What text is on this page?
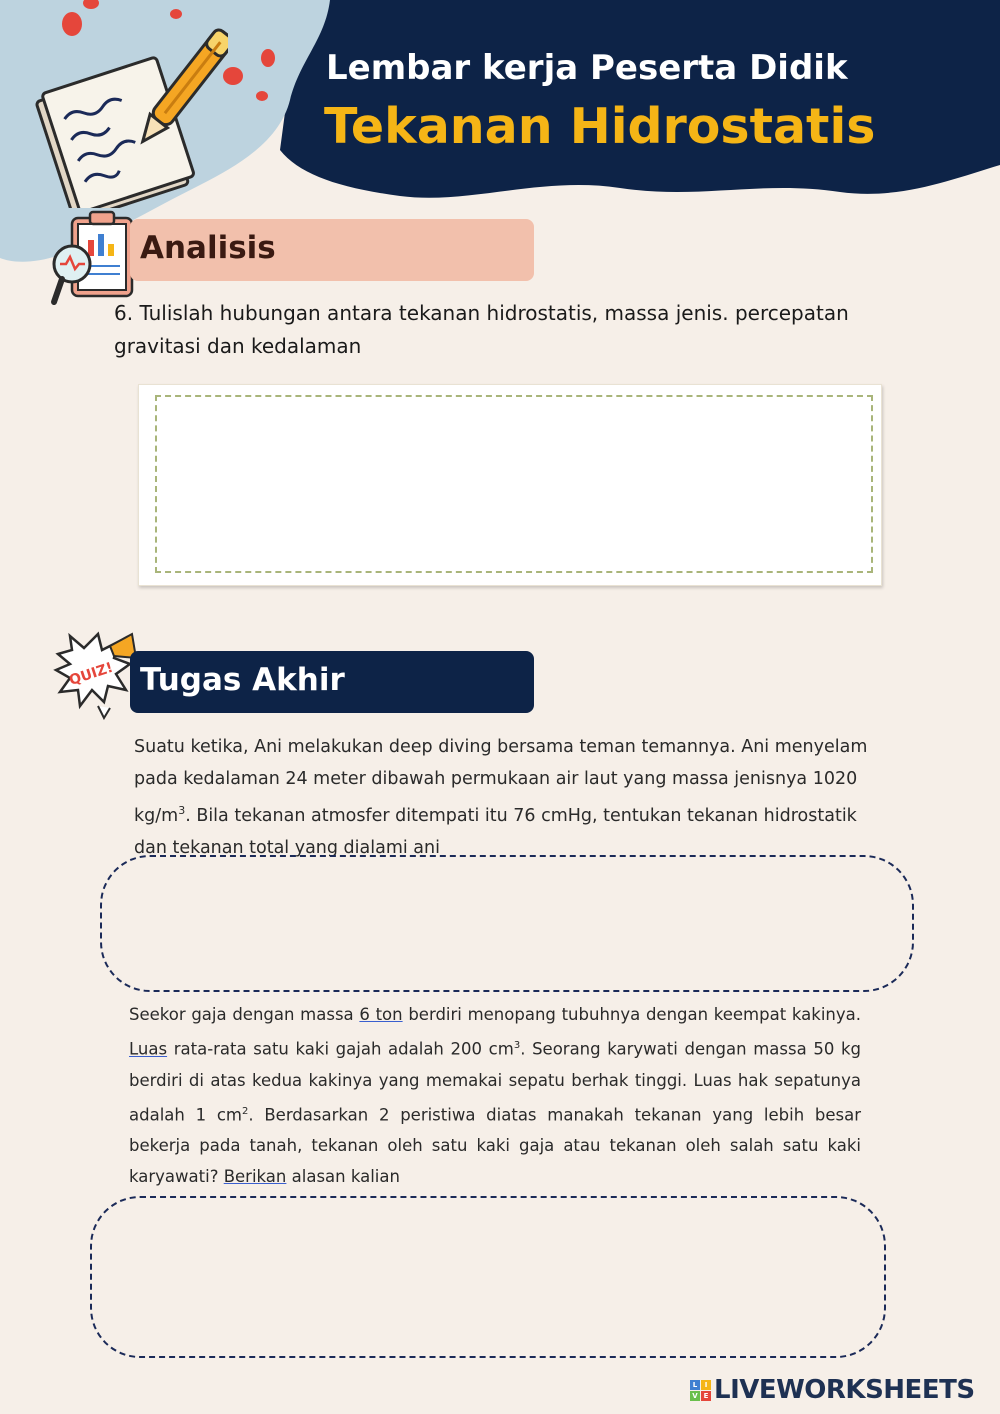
Analisis
Lembar kerja Peserta Didik
Tekanan Hidrostatis
6. Tulislah hubungan antara tekanan hidrostatis, massa jenis. percepatan gravitasi dan kedalaman
QUIZ! Tugas Akhir
Suatu ketika, Ani melakukan deep diving bersama teman temannya. Ani menyelam pada kedalaman 24 meter dibawah permukaan air laut yang massa jenisnya 1020 $kg/m^3$. Bila tekanan atmosfer ditempati itu 76 cmHg, tentukan tekanan hidrostatik dan tekanan total yang dialami ani
Seekor gaja dengan massa 6 ton berdiri menopang tubuhnya dengan keempat kakinya. Luas rata-rata satu kaki gajah adalah 200 $cm^3$. Seorang karywati dengan massa 50 kg berdiri di atas kedua kakinya yang memakai sepatu berhak tinggi. Luas hak sepatunya adalah 1 $cm^2$. Berdasarkan 2 peristiwa diatas manakah tekanan yang lebih besar bekerja pada tanah, tekanan oleh satu kaki gaja atau tekanan oleh salah satu kaki karyawati? Berikan alasan kalian
L	I
V E LIVEWORKSHEETS
